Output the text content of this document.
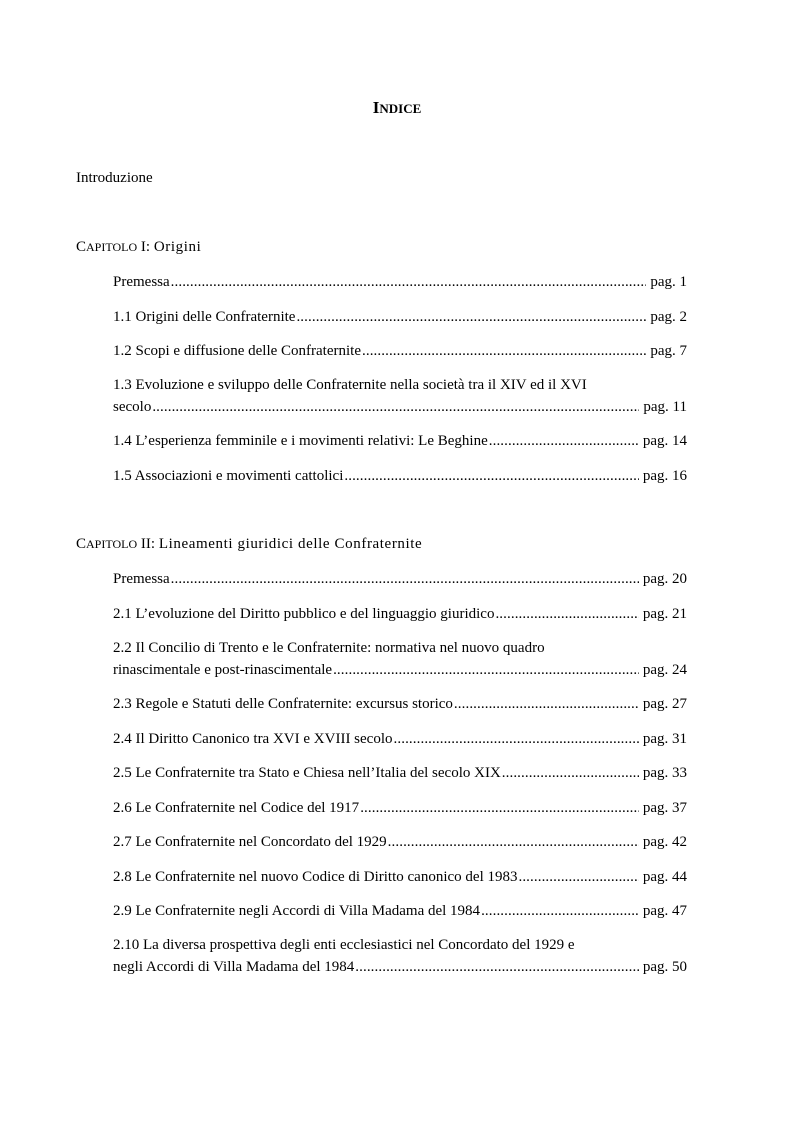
INDICE
Introduzione
CAPITOLO I: Origini
Premessa .....	pag. 1
1.1 Origini delle Confraternite .....	pag. 2
1.2 Scopi e diffusione delle Confraternite .....	pag. 7
1.3 Evoluzione e sviluppo delle Confraternite nella società tra il XIV ed il XVI
secolo .....	pag. 11
1.4 L’esperienza femminile e i movimenti relativi: Le Beghine .....	pag. 14
1.5 Associazioni e movimenti cattolici .....	pag. 16
CAPITOLO II: Lineamenti giuridici delle Confraternite
Premessa .....	pag. 20
2.1 L’evoluzione del Diritto pubblico e del linguaggio giuridico .....	pag. 21
2.2 Il Concilio di Trento e le Confraternite: normativa nel nuovo quadro
rinascimentale e post-rinascimentale .....	pag. 24
2.3 Regole e Statuti delle Confraternite: excursus storico .....	pag. 27
2.4 Il Diritto Canonico tra XVI e XVIII secolo .....	pag. 31
2.5 Le Confraternite tra Stato e Chiesa nell’Italia del secolo XIX .....	pag. 33
2.6 Le Confraternite nel Codice del 1917 .....	pag. 37
2.7 Le Confraternite nel Concordato del 1929 .....	pag. 42
2.8 Le Confraternite nel nuovo Codice di Diritto canonico del 1983 .....	pag. 44
2.9 Le Confraternite negli Accordi di Villa Madama del 1984 .....	pag. 47
2.10 La diversa prospettiva degli enti ecclesiastici nel Concordato del 1929 e
negli Accordi di Villa Madama del 1984 .....	pag. 50
